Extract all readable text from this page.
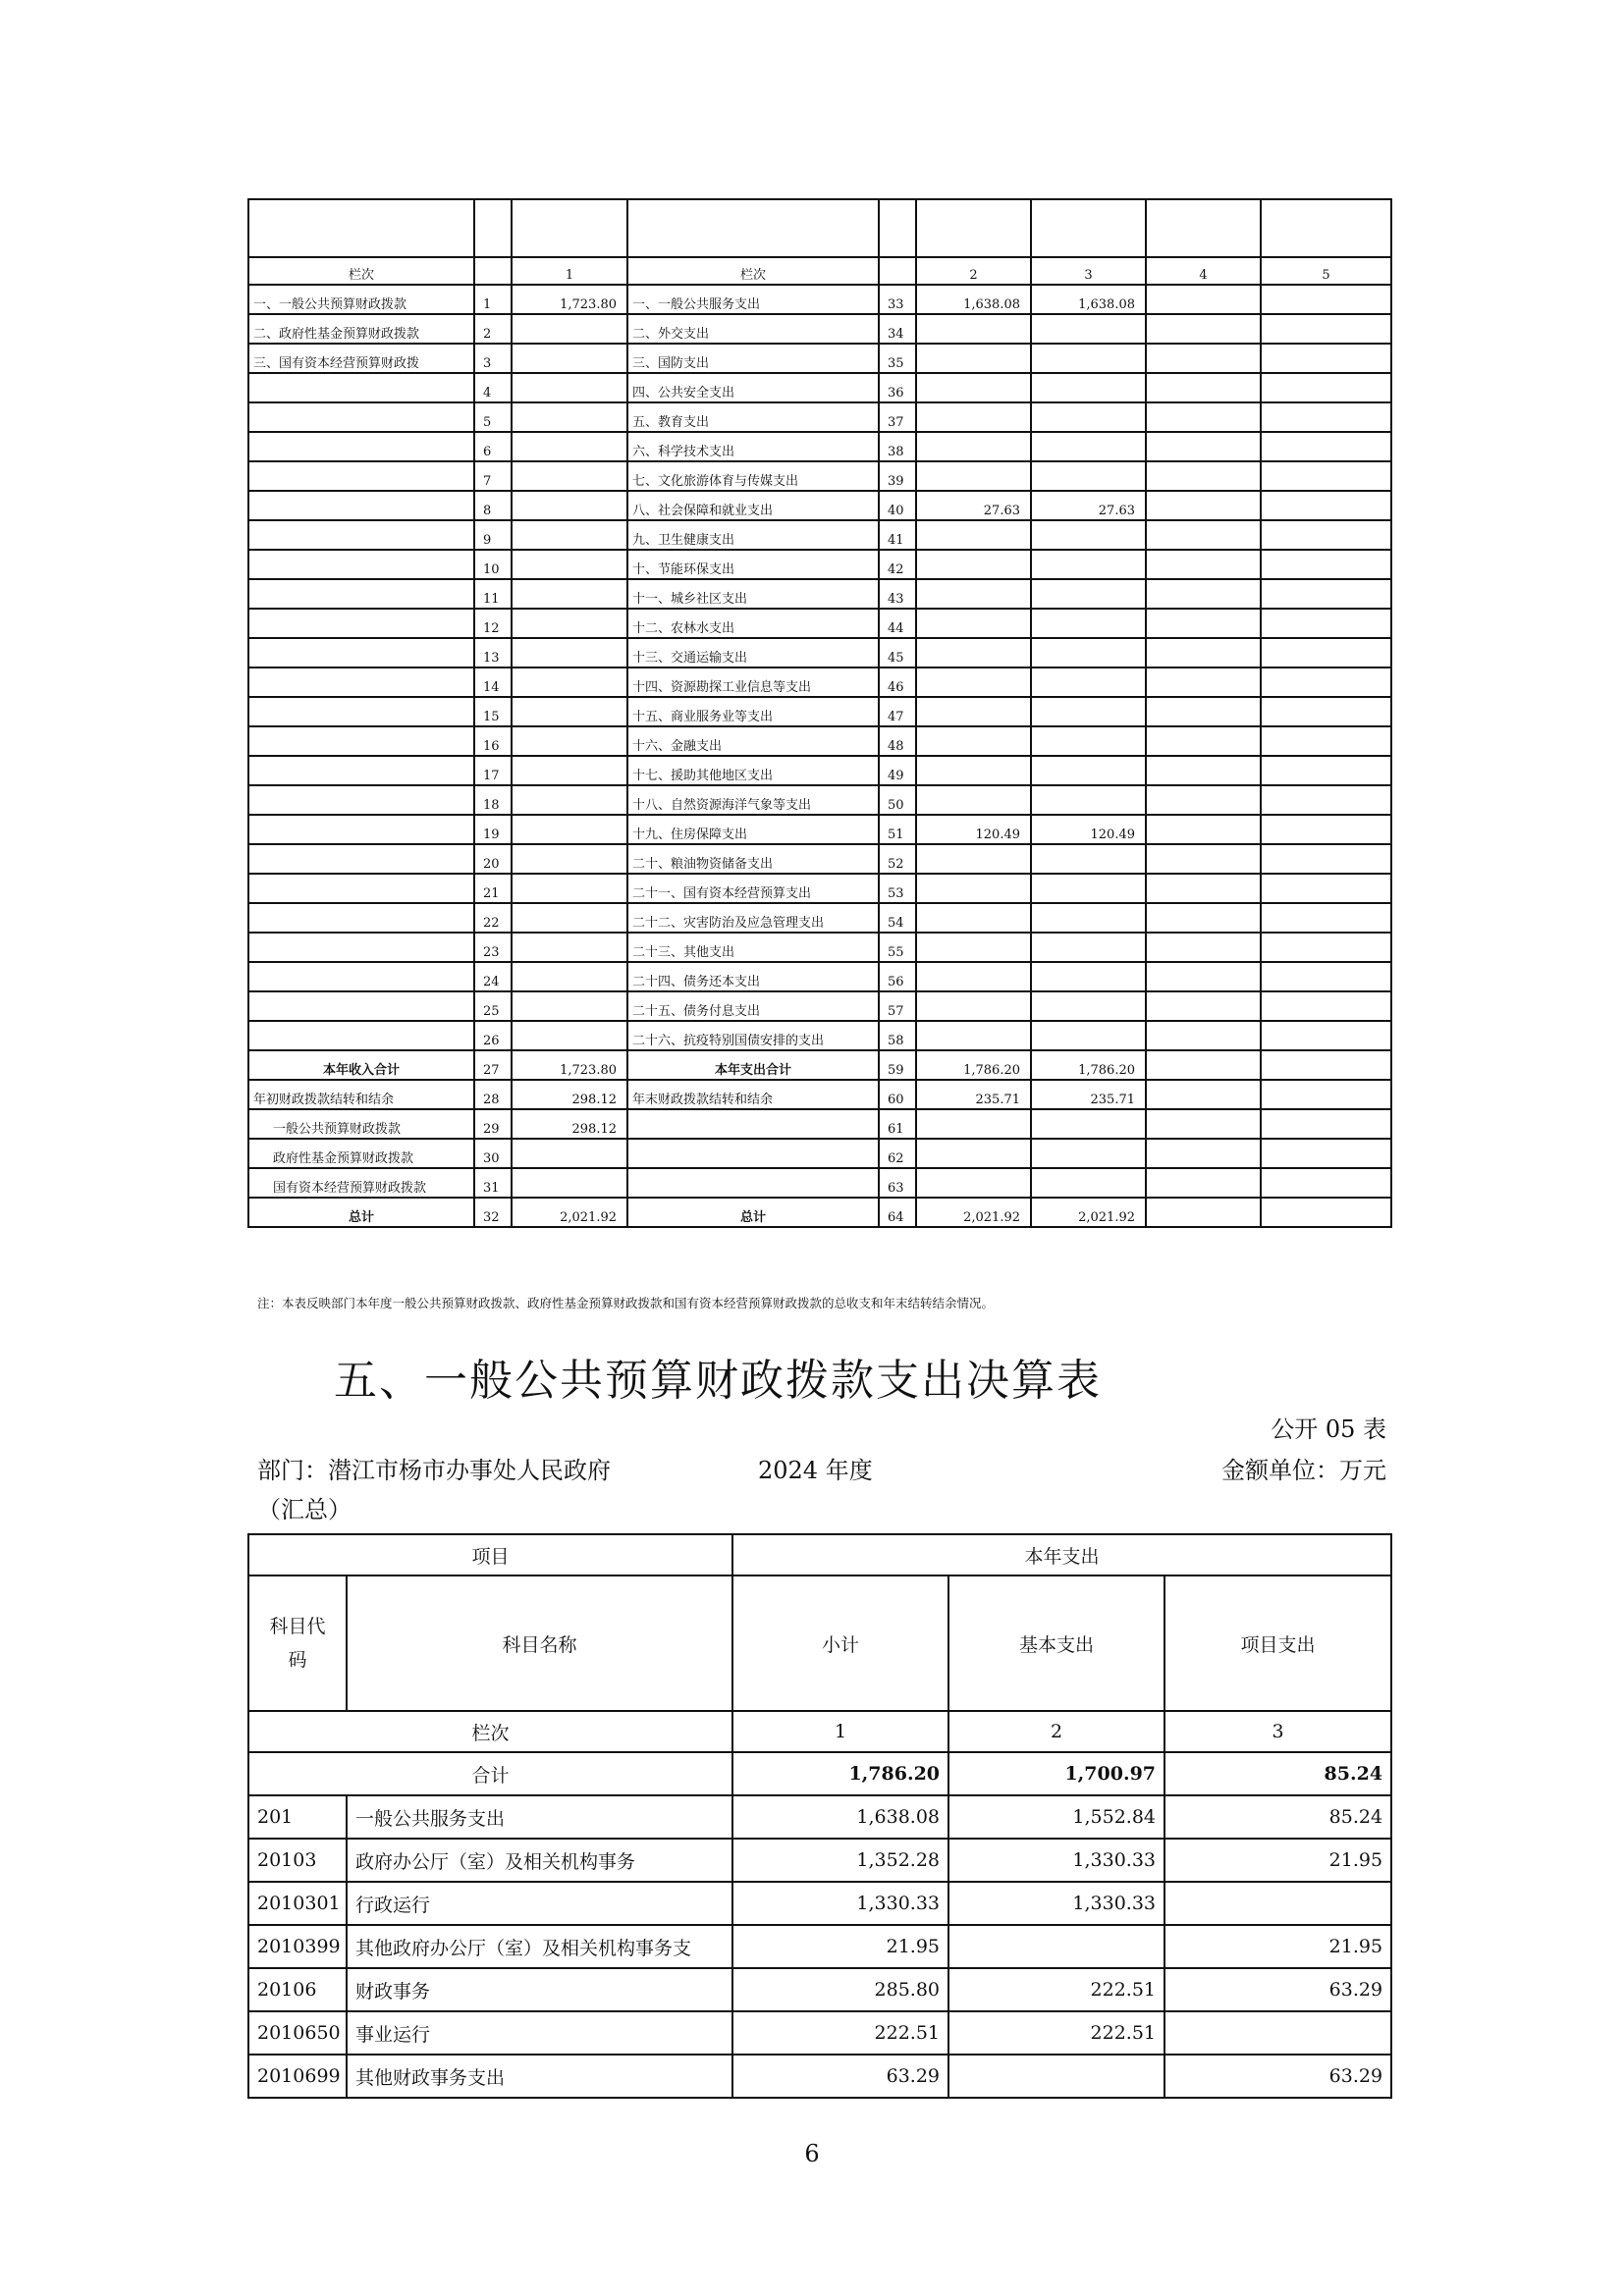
栏次		1	栏次		2	3	4	5
一、一般公共预算财政拨款	1	1,723.80	一、一般公共服务支出	33	1,638.08	1,638.08		
二、政府性基金预算财政拨款	2		二、外交支出	34				
三、国有资本经营预算财政拨	3		三、国防支出	35				
	4		四、公共安全支出	36				
	5		五、教育支出	37				
	6		六、科学技术支出	38				
	7		七、文化旅游体育与传媒支出	39				
	8		八、社会保障和就业支出	40	27.63	27.63		
	9		九、卫生健康支出	41				
	10		十、节能环保支出	42				
	11		十一、城乡社区支出	43				
	12		十二、农林水支出	44				
	13		十三、交通运输支出	45				
	14		十四、资源勘探工业信息等支出	46				
	15		十五、商业服务业等支出	47				
	16		十六、金融支出	48				
	17		十七、援助其他地区支出	49				
	18		十八、自然资源海洋气象等支出	50				
	19		十九、住房保障支出	51	120.49	120.49		
	20		二十、粮油物资储备支出	52				
	21		二十一、国有资本经营预算支出	53				
	22		二十二、灾害防治及应急管理支出	54				
	23		二十三、其他支出	55				
	24		二十四、债务还本支出	56				
	25		二十五、债务付息支出	57				
	26		二十六、抗疫特别国债安排的支出	58				
本年收入合计	27	1,723.80	本年支出合计	59	1,786.20	1,786.20		
年初财政拨款结转和结余	28	298.12	年末财政拨款结转和结余	60	235.71	235.71		
一般公共预算财政拨款	29	298.12		61				
政府性基金预算财政拨款	30			62				
国有资本经营预算财政拨款	31			63				
总计	32	2,021.92	总计	64	2,021.92	2,021.92		
注：本表反映部门本年度一般公共预算财政拨款、政府性基金预算财政拨款和国有资本经营预算财政拨款的总收支和年末结转结余情况。
五、一般公共预算财政拨款支出决算表
公开 05 表
部门：潜江市杨市办事处人民政府	2024 年度	金额单位：万元
（汇总）
项目		本年支出		
科目代码	科目名称	小计	基本支出	项目支出
栏次		1	2	3
合计		1,786.20	1,700.97	85.24
201	一般公共服务支出	1,638.08	1,552.84	85.24
20103	政府办公厅（室）及相关机构事务	1,352.28	1,330.33	21.95
2010301	行政运行	1,330.33	1,330.33	
2010399	其他政府办公厅（室）及相关机构事务支	21.95		21.95
20106	财政事务	285.80	222.51	63.29
2010650	事业运行	222.51	222.51	
2010699	其他财政事务支出	63.29		63.29
6
